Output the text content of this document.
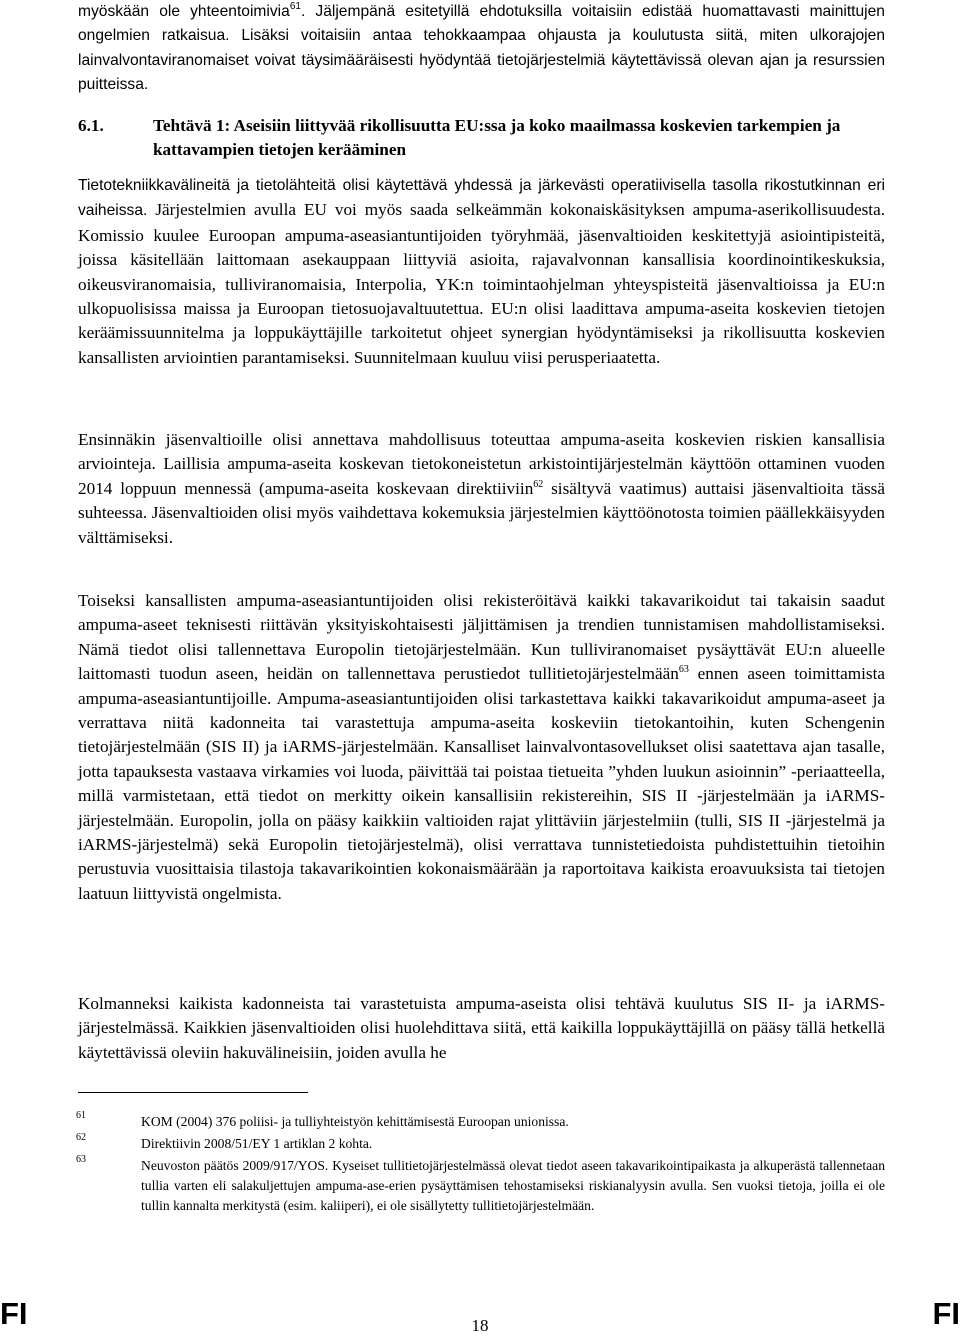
myöskään ole yhteentoimivia$^{61}$. Jäljempänä esitetyillä ehdotuksilla voitaisiin edistää huomattavasti mainittujen ongelmien ratkaisua. Lisäksi voitaisiin antaa tehokkaampaa ohjausta ja koulutusta siitä, miten ulkorajojen lainvalvontaviranomaiset voivat täysimääräisesti hyödyntää tietojärjestelmiä käytettävissä olevan ajan ja resurssien puitteissa.

6.1.	Tehtävä 1: Aseisiin liittyvää rikollisuutta EU:ssa ja koko maailmassa koskevien tarkempien ja kattavampien tietojen kerääminen

Tietotekniikkavälineitä ja tietolähteitä olisi käytettävä yhdessä ja järkevästi operatiivisella tasolla rikostutkinnan eri vaiheissa. Järjestelmien avulla EU voi myös saada selkeämmän kokonaiskäsityksen ampuma-aserikollisuudesta. Komissio kuulee Euroopan ampuma-aseasiantuntijoiden työryhmää, jäsenvaltioiden keskitettyjä asiointipisteitä, joissa käsitellään laittomaan asekauppaan liittyviä asioita, rajavalvonnan kansallisia koordinointikeskuksia, oikeusviranomaisia, tulliviranomaisia, Interpolia, YK:n toimintaohjelman yhteyspisteitä jäsenvaltioissa ja EU:n ulkopuolisissa maissa ja Euroopan tietosuojavaltuutettua. EU:n olisi laadittava ampuma-aseita koskevien tietojen keräämissuunnitelma ja loppukäyttäjille tarkoitetut ohjeet synergian hyödyntämiseksi ja rikollisuutta koskevien kansallisten arviointien parantamiseksi. Suunnitelmaan kuuluu viisi perusperiaatetta.

Ensinnäkin jäsenvaltioille olisi annettava mahdollisuus toteuttaa ampuma-aseita koskevien riskien kansallisia arviointeja. Laillisia ampuma-aseita koskevan tietokoneistetun arkistointijärjestelmän käyttöön ottaminen vuoden 2014 loppuun mennessä (ampuma-aseita koskevaan direktiiviin$^{62}$ sisältyvä vaatimus) auttaisi jäsenvaltioita tässä suhteessa. Jäsenvaltioiden olisi myös vaihdettava kokemuksia järjestelmien käyttöönotosta toimien päällekkäisyyden välttämiseksi.

Toiseksi kansallisten ampuma-aseasiantuntijoiden olisi rekisteröitävä kaikki takavarikoidut tai takaisin saadut ampuma-aseet teknisesti riittävän yksityiskohtaisesti jäljittämisen ja trendien tunnistamisen mahdollistamiseksi. Nämä tiedot olisi tallennettava Europolin tietojärjestelmään. Kun tulliviranomaiset pysäyttävät EU:n alueelle laittomasti tuodun aseen, heidän on tallennettava perustiedot tullitietojärjestelmään$^{63}$ ennen aseen toimittamista ampuma-aseasiantuntijoille. Ampuma-aseasiantuntijoiden olisi tarkastettava kaikki takavarikoidut ampuma-aseet ja verrattava niitä kadonneita tai varastettuja ampuma-aseita koskeviin tietokantoihin, kuten Schengenin tietojärjestelmään (SIS II) ja iARMS-järjestelmään. Kansalliset lainvalvontasovellukset olisi saatettava ajan tasalle, jotta tapauksesta vastaava virkamies voi luoda, päivittää tai poistaa tietueita ”yhden luukun asioinnin” -periaatteella, millä varmistetaan, että tiedot on merkitty oikein kansallisiin rekistereihin, SIS II -järjestelmään ja iARMS-järjestelmään. Europolin, jolla on pääsy kaikkiin valtioiden rajat ylittäviin järjestelmiin (tulli, SIS II -järjestelmä ja iARMS-järjestelmä) sekä Europolin tietojärjestelmä), olisi verrattava tunnistetiedoista puhdistettuihin tietoihin perustuvia vuosittaisia tilastoja takavarikointien kokonaismäärään ja raportoitava kaikista eroavuuksista tai tietojen laatuun liittyvistä ongelmista.

Kolmanneksi kaikista kadonneista tai varastetuista ampuma-aseista olisi tehtävä kuulutus SIS II- ja iARMS-järjestelmässä. Kaikkien jäsenvaltioiden olisi huolehdittava siitä, että kaikilla loppukäyttäjillä on pääsy tällä hetkellä käytettävissä oleviin hakuvälineisiin, joiden avulla he

61	KOM (2004) 376 poliisi- ja tulliyhteistyön kehittämisestä Euroopan unionissa.
62	Direktiivin 2008/51/EY 1 artiklan 2 kohta.
63	Neuvoston päätös 2009/917/YOS. Kyseiset tullitietojärjestelmässä olevat tiedot aseen takavarikointipaikasta ja alkuperästä tallennetaan tullia varten eli salakuljettujen ampuma-ase-erien pysäyttämisen tehostamiseksi riskianalyysin avulla. Sen vuoksi tietoja, joilla ei ole tullin kannalta merkitystä (esim. kaliiperi), ei ole sisällytetty tullitietojärjestelmään.
FI	18	FI
